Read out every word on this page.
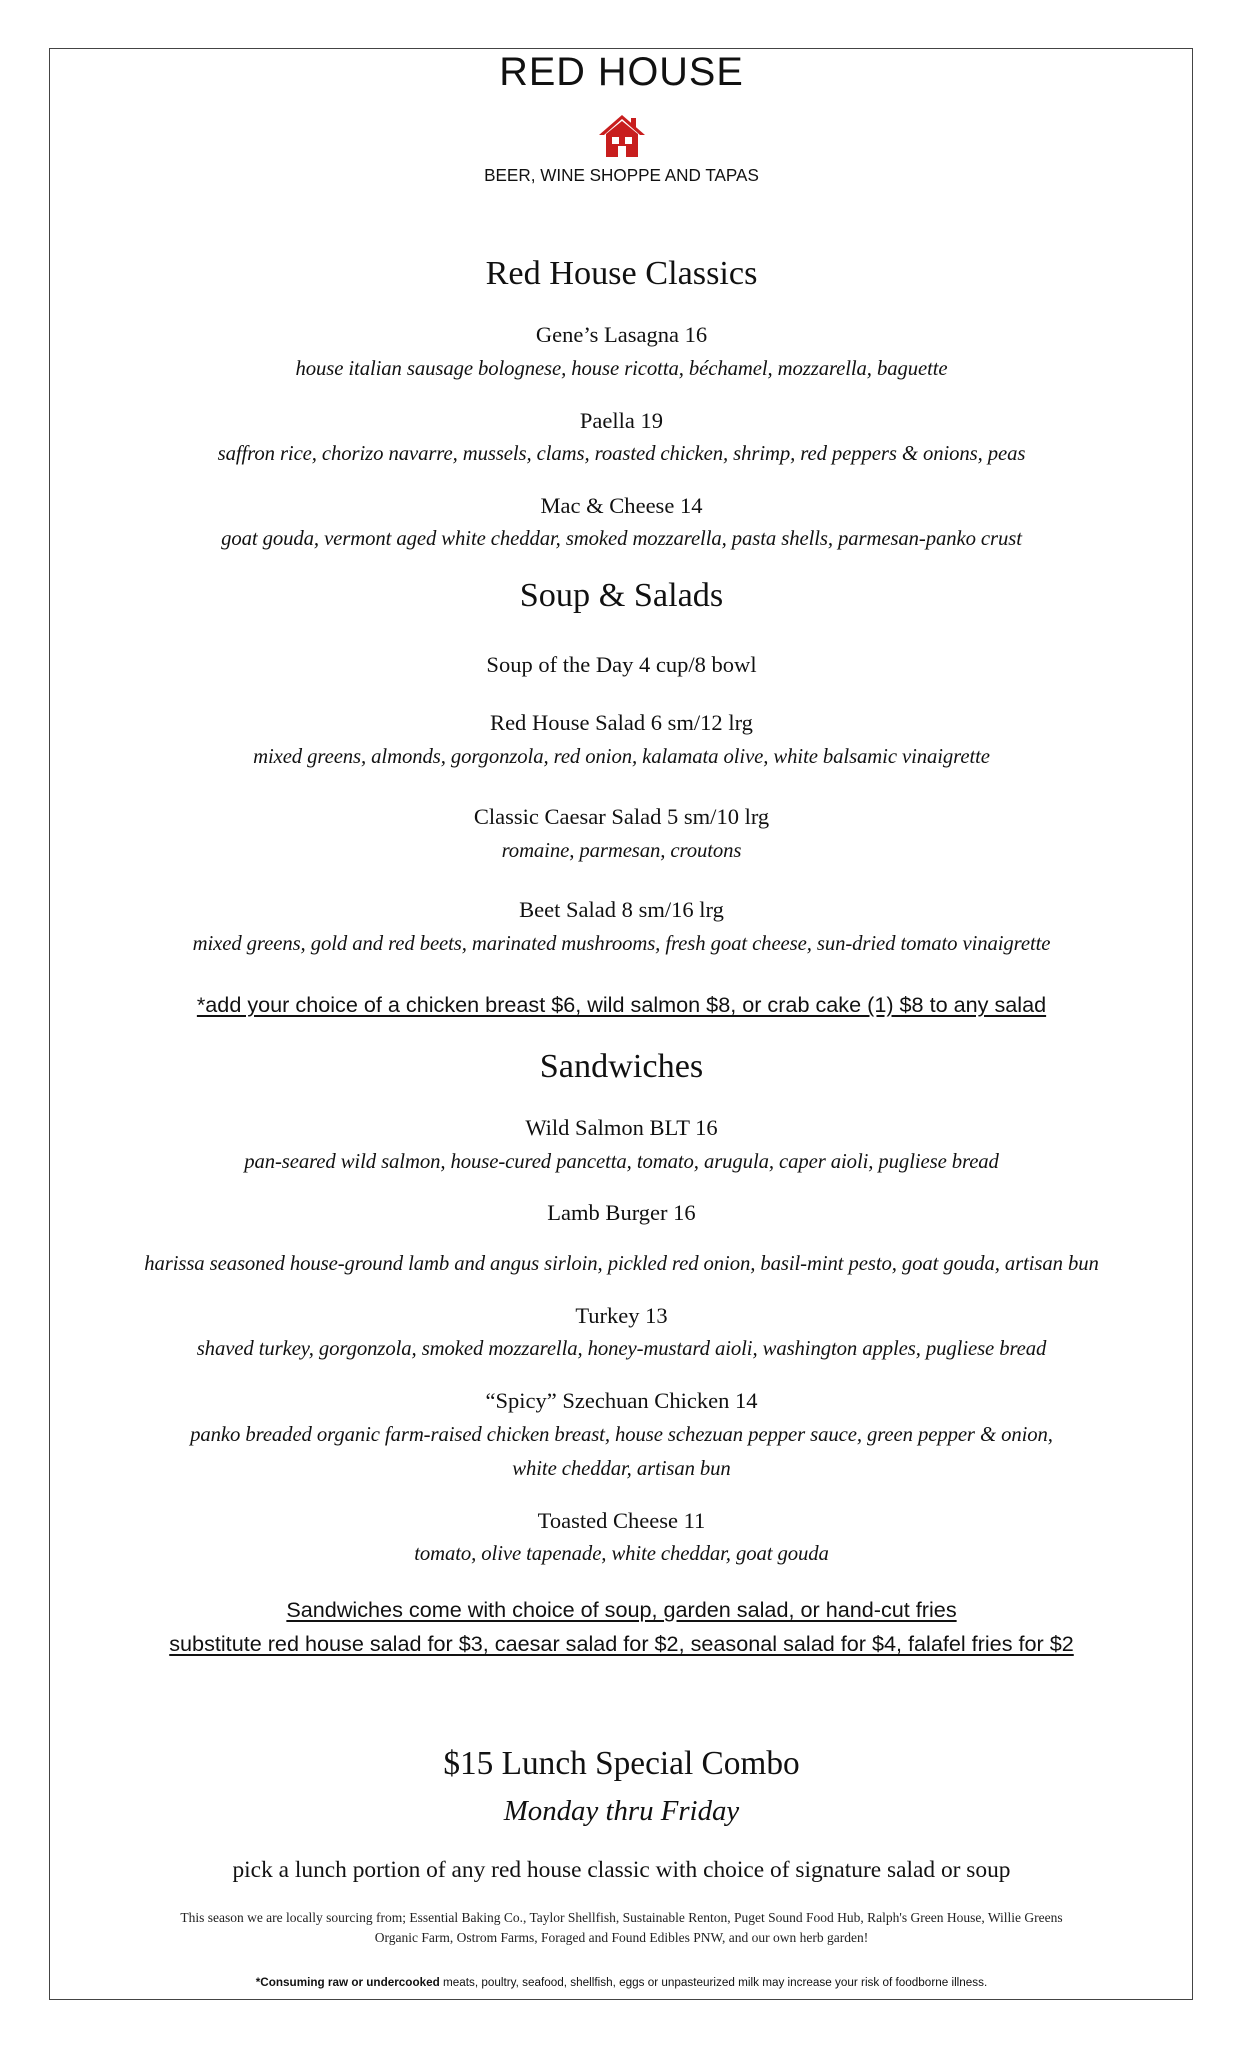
RED HOUSE
BEER, WINE SHOPPE AND TAPAS
Red House Classics
Gene’s Lasagna 16
house italian sausage bolognese, house ricotta, béchamel, mozzarella, baguette
Paella 19
saffron rice, chorizo navarre, mussels, clams, roasted chicken, shrimp, red peppers & onions, peas
Mac & Cheese 14
goat gouda, vermont aged white cheddar, smoked mozzarella, pasta shells, parmesan-panko crust
Soup & Salads
Soup of the Day 4 cup/8 bowl
Red House Salad 6 sm/12 lrg
mixed greens, almonds, gorgonzola, red onion, kalamata olive, white balsamic vinaigrette
Classic Caesar Salad 5 sm/10 lrg
romaine, parmesan, croutons
Beet Salad 8 sm/16 lrg
mixed greens, gold and red beets, marinated mushrooms, fresh goat cheese, sun-dried tomato vinaigrette
*add your choice of a chicken breast $6, wild salmon $8, or crab cake (1) $8 to any salad
Sandwiches
Wild Salmon BLT 16
pan-seared wild salmon, house-cured pancetta, tomato, arugula, caper aioli, pugliese bread
Lamb Burger 16
harissa seasoned house-ground lamb and angus sirloin, pickled red onion, basil-mint pesto, goat gouda, artisan bun
Turkey 13
shaved turkey, gorgonzola, smoked mozzarella, honey-mustard aioli, washington apples, pugliese bread
“Spicy” Szechuan Chicken 14
panko breaded organic farm-raised chicken breast, house schezuan pepper sauce, green pepper & onion,
white cheddar, artisan bun
Toasted Cheese 11
tomato, olive tapenade, white cheddar, goat gouda
Sandwiches come with choice of soup, garden salad, or hand-cut fries
substitute red house salad for $3, caesar salad for $2, seasonal salad for $4, falafel fries for $2
$15 Lunch Special Combo
Monday thru Friday
pick a lunch portion of any red house classic with choice of signature salad or soup
This season we are locally sourcing from; Essential Baking Co., Taylor Shellfish, Sustainable Renton, Puget Sound Food Hub, Ralph's Green House, Willie Greens
Organic Farm, Ostrom Farms, Foraged and Found Edibles PNW, and our own herb garden!
*Consuming raw or undercooked meats, poultry, seafood, shellfish, eggs or unpasteurized milk may increase your risk of foodborne illness.
